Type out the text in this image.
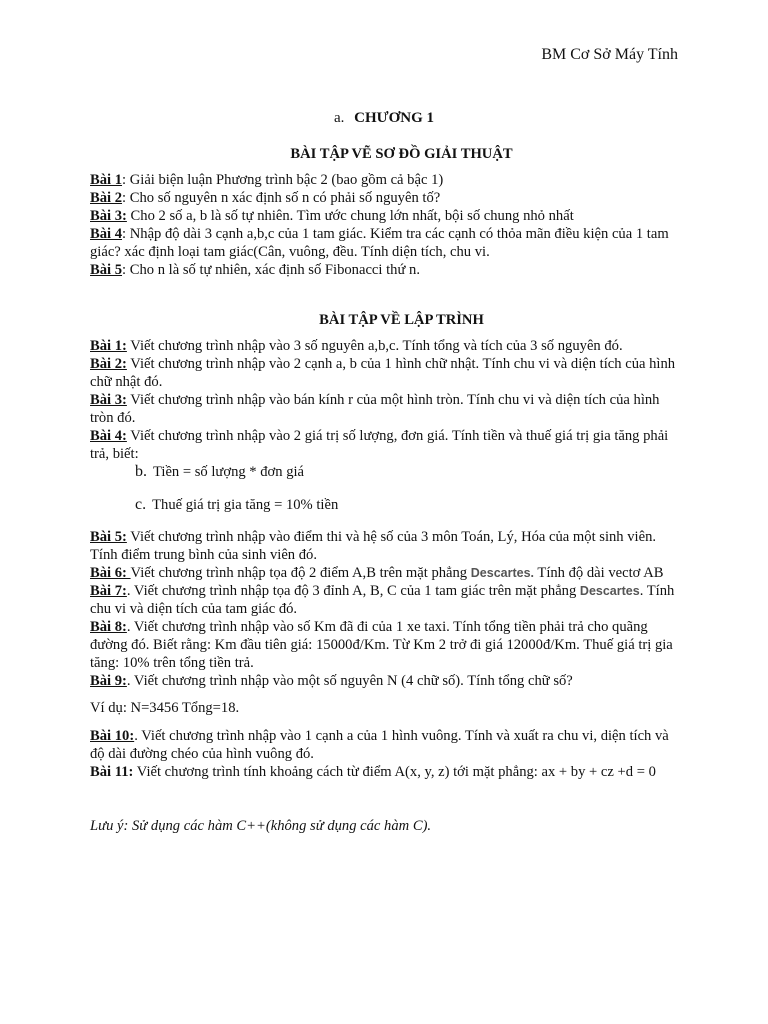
BM Cơ Sở Máy Tính
a. CHƯƠNG 1
BÀI TẬP VẼ SƠ ĐỒ GIẢI THUẬT

Bài 1: Giải biện luận Phương trình bậc 2 (bao gồm cả bậc 1)

Bài 2: Cho số nguyên n xác định số n có phải số nguyên tố?

Bài 3: Cho 2 số a, b là số tự nhiên. Tìm ước chung lớn nhất, bội số chung nhỏ nhất

Bài 4: Nhập độ dài 3 cạnh a,b,c của 1 tam giác. Kiểm tra các cạnh có thỏa mãn điều kiện của 1 tam giác? xác định loại tam giác(Cân, vuông, đều. Tính diện tích, chu vi.

Bài 5: Cho n là số tự nhiên, xác định số Fibonacci thứ n.

BÀI TẬP VỀ LẬP TRÌNH

Bài 1: Viết chương trình nhập vào 3 số nguyên a,b,c. Tính tổng và tích của 3 số nguyên đó.

Bài 2: Viết chương trình nhập vào 2 cạnh a, b của 1 hình chữ nhật. Tính chu vi và diện tích của hình chữ nhật đó.

Bài 3: Viết chương trình nhập vào bán kính r của một hình tròn. Tính chu vi và diện tích của hình tròn đó.

Bài 4: Viết chương trình nhập vào 2 giá trị số lượng, đơn giá. Tính tiền và thuế giá trị gia tăng phải trả, biết:

b. Tiền = số lượng * đơn giá
c. Thuế giá trị gia tăng = 10% tiền

Bài 5: Viết chương trình nhập vào điểm thi và hệ số của 3 môn Toán, Lý, Hóa của một sinh viên. Tính điểm trung bình của sinh viên đó.

Bài 6: Viết chương trình nhập tọa độ 2 điểm A,B trên mặt phẳng Descartes. Tính độ dài vectơ AB

Bài 7:. Viết chương trình nhập tọa độ 3 đỉnh A, B, C của 1 tam giác trên mặt phẳng Descartes. Tính chu vi và diện tích của tam giác đó.

Bài 8:. Viết chương trình nhập vào số Km đã đi của 1 xe taxi. Tính tổng tiền phải trả cho quãng đường đó. Biết rằng: Km đầu tiên giá: 15000đ/Km. Từ Km 2 trở đi giá 12000đ/Km. Thuế giá trị gia tăng: 10% trên tổng tiền trả.

Bài 9:. Viết chương trình nhập vào một số nguyên N (4 chữ số). Tính tổng chữ số?

Ví dụ: N=3456 Tổng=18.

Bài 10:. Viết chương trình nhập vào 1 cạnh a của 1 hình vuông. Tính và xuất ra chu vi, diện tích và độ dài đường chéo của hình vuông đó.

Bài 11: Viết chương trình tính khoảng cách từ điểm A(x, y, z) tới mặt phẳng: ax + by + cz +d = 0

Lưu ý: Sử dụng các hàm C++(không sử dụng các hàm C).
